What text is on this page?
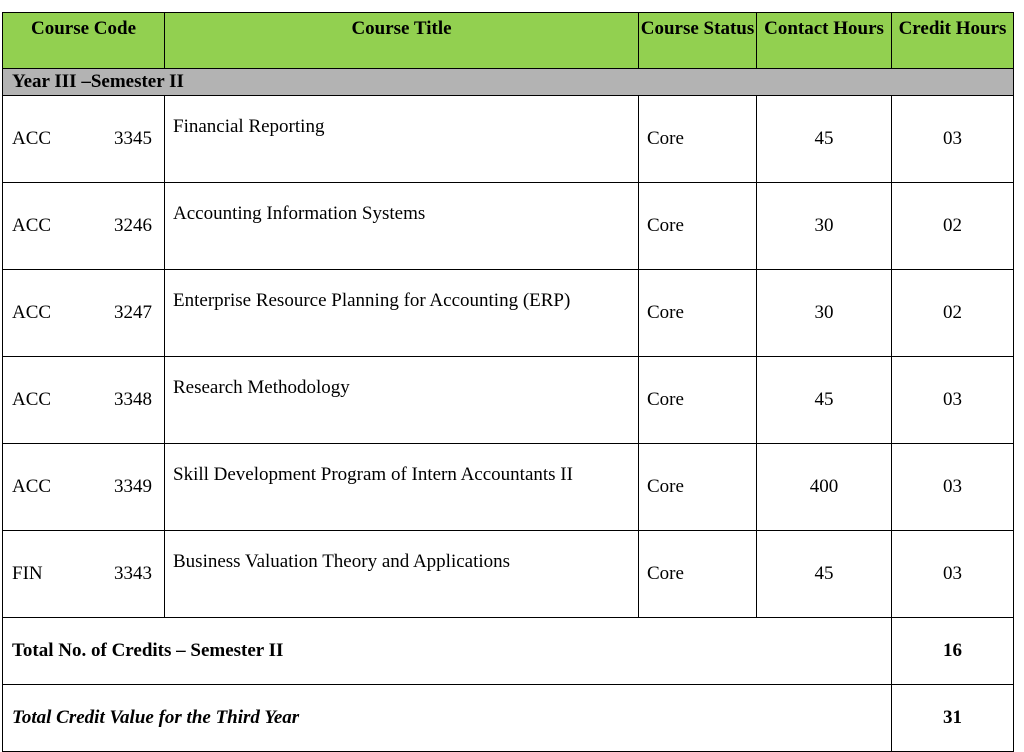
Course Code	Course Title	Course Status	Contact Hours	Credit Hours
Year III –Semester II				

ACC 3345	Financial Reporting	Core	45	03

ACC 3246	Accounting Information Systems	Core	30	02

ACC 3247	Enterprise Resource Planning for Accounting (ERP)	Core	30	02

ACC 3348	Research Methodology	Core	45	03

ACC 3349	Skill Development Program of Intern Accountants II	Core	400	03

FIN 3343	Business Valuation Theory and Applications	Core	45	03
Total No. of Credits – Semester II				16
Total Credit Value for the Third Year				31
